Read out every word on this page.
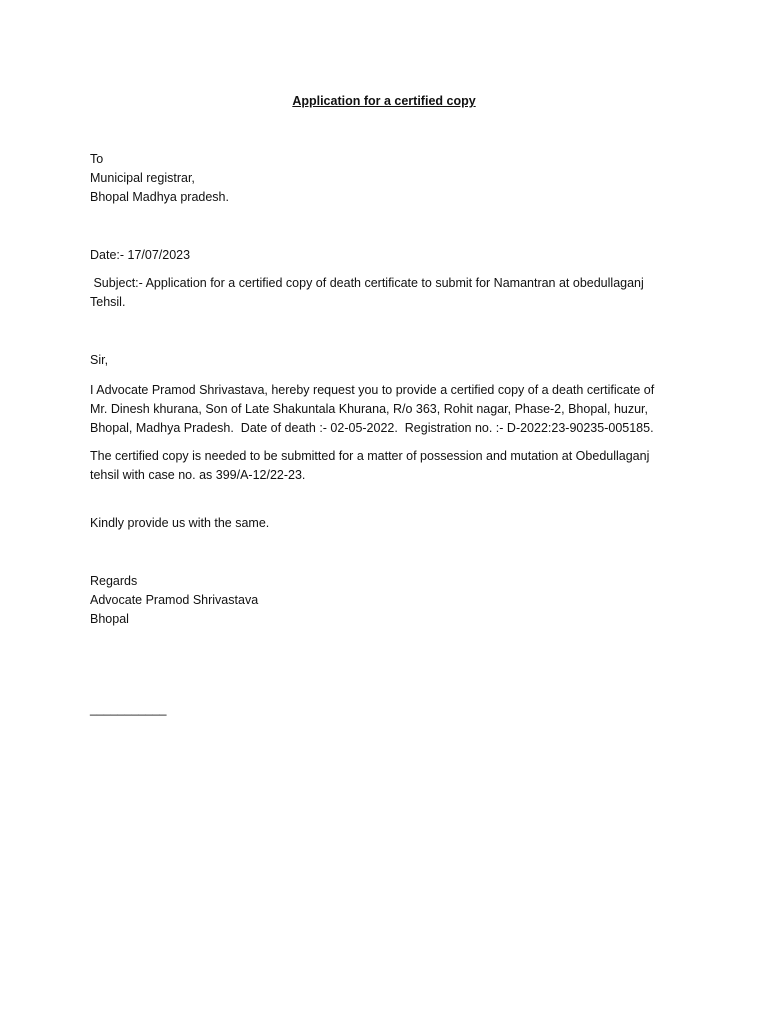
Application for a certified copy
To
Municipal registrar,
Bhopal Madhya pradesh.
Date:- 17/07/2023
Subject:- Application for a certified copy of death certificate to submit for Namantran at obedullaganj
Tehsil.
Sir,
I Advocate Pramod Shrivastava, hereby request you to provide a certified copy of a death certificate of
Mr. Dinesh khurana, Son of Late Shakuntala Khurana, R/o 363, Rohit nagar, Phase-2, Bhopal, huzur,
Bhopal, Madhya Pradesh.  Date of death :- 02-05-2022.  Registration no. :- D-2022:23-90235-005185.
The certified copy is needed to be submitted for a matter of possession and mutation at Obedullaganj
tehsil with case no. as 399/A-12/22-23.
Kindly provide us with the same.
Regards
Advocate Pramod Shrivastava
Bhopal
___________
